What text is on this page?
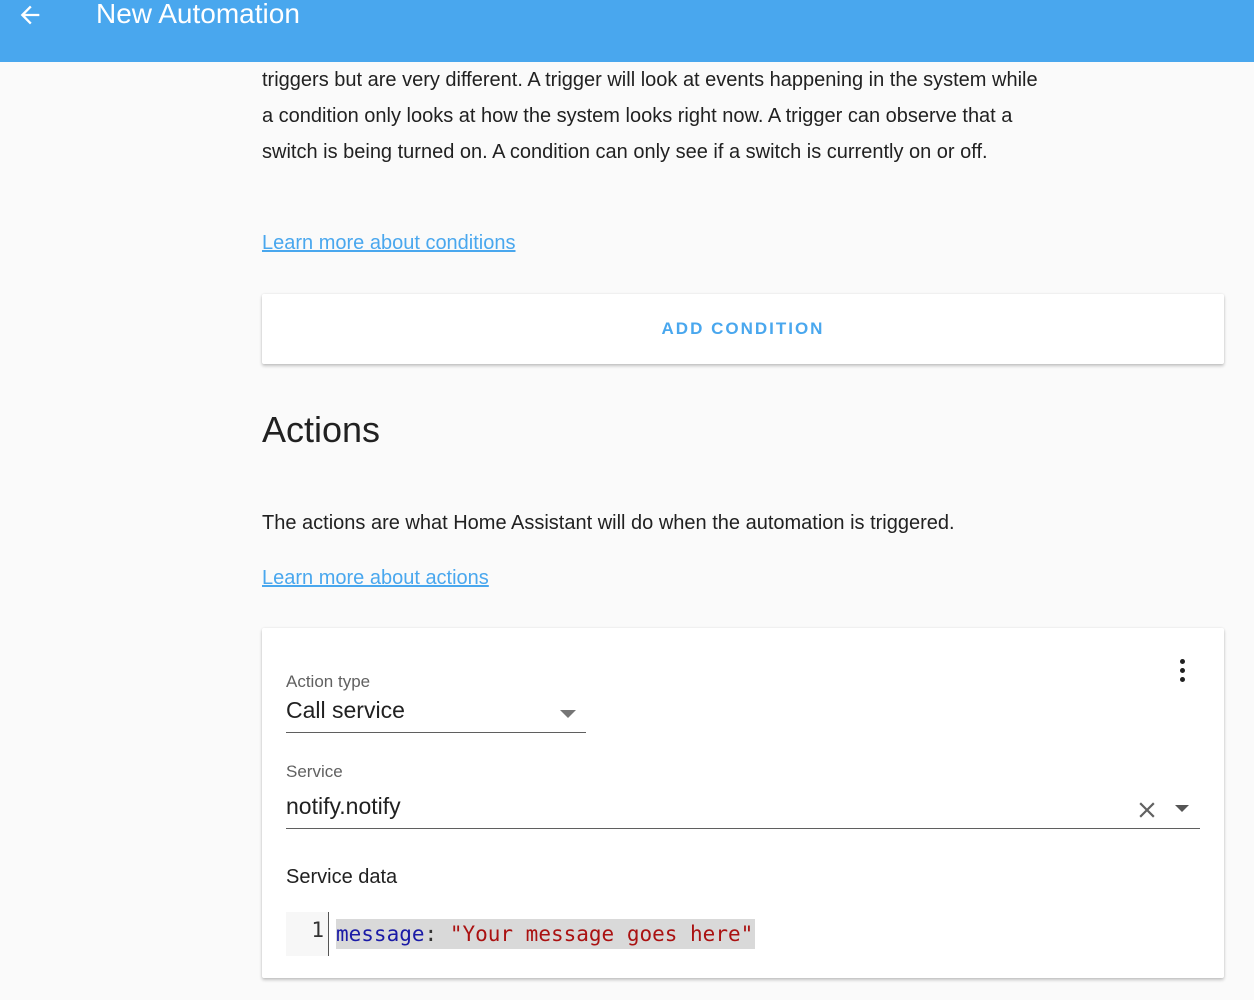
New Automation
triggers but are very different. A trigger will look at events happening in the system while a condition only looks at how the system looks right now. A trigger can observe that a switch is being turned on. A condition can only see if a switch is currently on or off.
Learn more about conditions
ADD CONDITION
Actions
The actions are what Home Assistant will do when the automation is triggered.
Learn more about actions
Action type
Call service
Service
notify.notify
Service data
1 message: "Your message goes here"
